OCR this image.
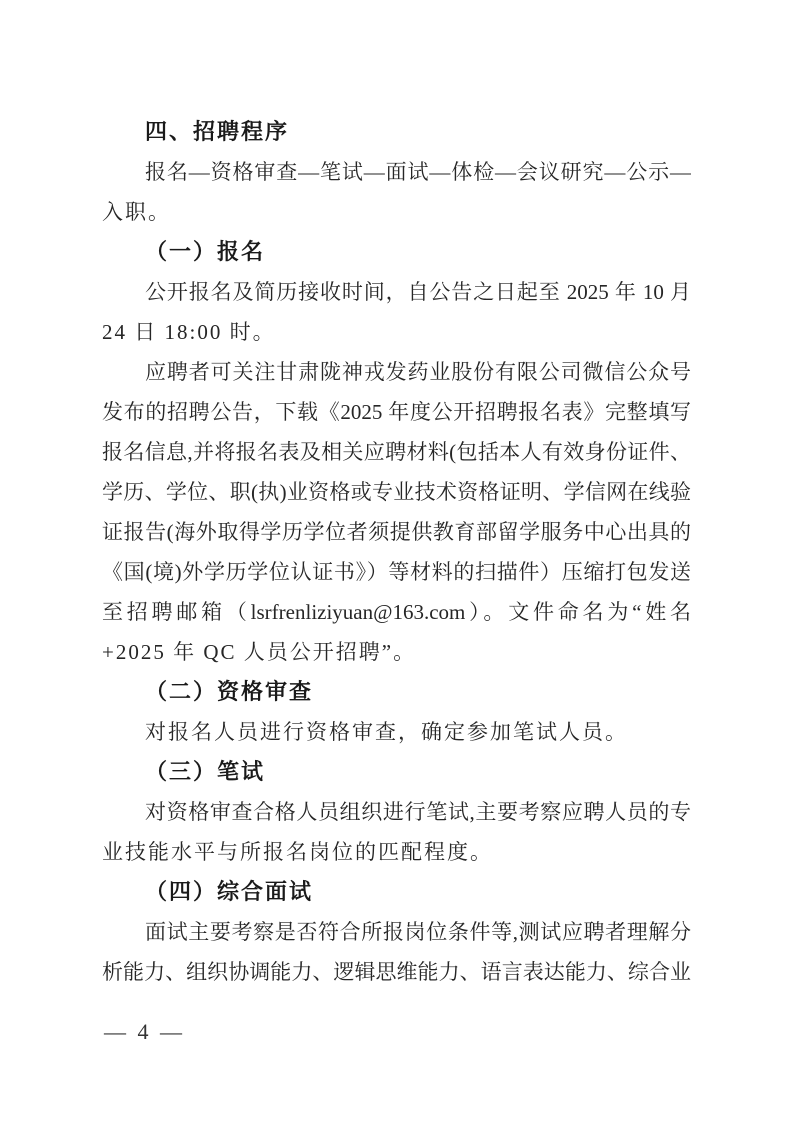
四、招聘程序
报名—资格审查—笔试—面试—体检—会议研究—公示—
入职。
（一）报名
公开报名及简历接收时间，自公告之日起至 2025 年 10 月
24 日 18:00 时。
应聘者可关注甘肃陇神戎发药业股份有限公司微信公众号
发布的招聘公告，下载《2025 年度公开招聘报名表》完整填写
报名信息,并将报名表及相关应聘材料(包括本人有效身份证件、
学历、学位、职(执)业资格或专业技术资格证明、学信网在线验
证报告(海外取得学历学位者须提供教育部留学服务中心出具的
《国(境)外学历学位认证书》）等材料的扫描件）压缩打包发送
至招聘邮箱（lsrfrenliziyuan@163.com）。文件命名为“姓名
+2025 年 QC 人员公开招聘”。
（二）资格审查
对报名人员进行资格审查，确定参加笔试人员。
（三）笔试
对资格审查合格人员组织进行笔试,主要考察应聘人员的专
业技能水平与所报名岗位的匹配程度。
（四）综合面试
面试主要考察是否符合所报岗位条件等,测试应聘者理解分
析能力、组织协调能力、逻辑思维能力、语言表达能力、综合业
— 4 —
